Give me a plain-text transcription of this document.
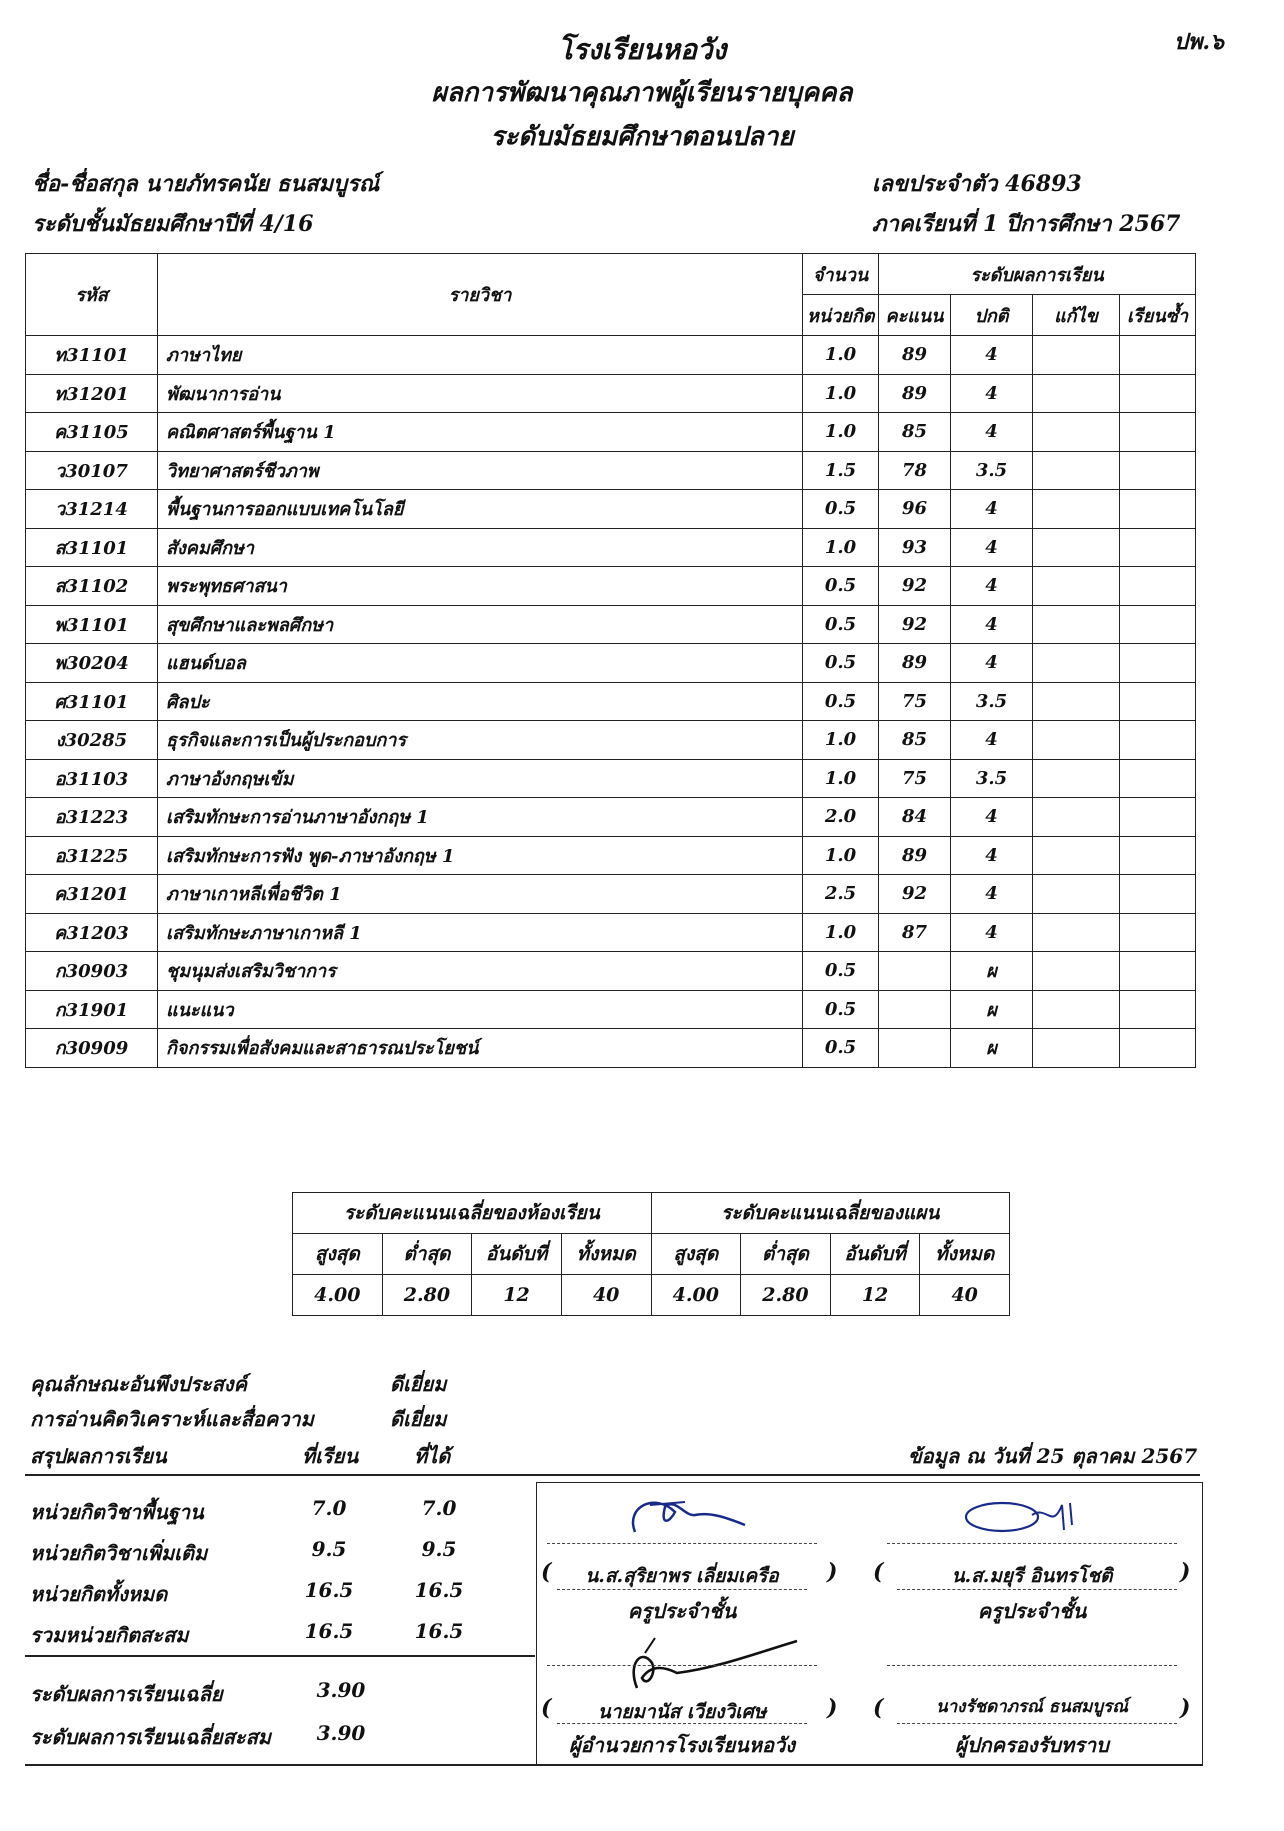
ปพ.๖
โรงเรียนหอวัง
ผลการพัฒนาคุณภาพผู้เรียนรายบุคคล
ระดับมัธยมศึกษาตอนปลาย
ชื่อ-ชื่อสกุล นายภัทรคนัย ธนสมบูรณ์	เลขประจำตัว 46893
ระดับชั้นมัธยมศึกษาปีที่ 4/16	ภาคเรียนที่ 1 ปีการศึกษา 2567
รหัส	รายวิชา	จำนวน	ระดับผลการเรียน			
		หน่วยกิต	คะแนน	ปกติ	แก้ไข	เรียนซ้ำ
ท31101	ภาษาไทย	1.0	89	4		
ท31201	พัฒนาการอ่าน	1.0	89	4		
ค31105	คณิตศาสตร์พื้นฐาน 1	1.0	85	4		
ว30107	วิทยาศาสตร์ชีวภาพ	1.5	78	3.5		
ว31214	พื้นฐานการออกแบบเทคโนโลยี	0.5	96	4		
ส31101	สังคมศึกษา	1.0	93	4		
ส31102	พระพุทธศาสนา	0.5	92	4		
พ31101	สุขศึกษาและพลศึกษา	0.5	92	4		
พ30204	แฮนด์บอล	0.5	89	4		
ศ31101	ศิลปะ	0.5	75	3.5		
ง30285	ธุรกิจและการเป็นผู้ประกอบการ	1.0	85	4		
อ31103	ภาษาอังกฤษเข้ม	1.0	75	3.5		
อ31223	เสริมทักษะการอ่านภาษาอังกฤษ 1	2.0	84	4		
อ31225	เสริมทักษะการฟัง พูด-ภาษาอังกฤษ 1	1.0	89	4		
ค31201	ภาษาเกาหลีเพื่อชีวิต 1	2.5	92	4		
ค31203	เสริมทักษะภาษาเกาหลี 1	1.0	87	4		
ก30903	ชุมนุมส่งเสริมวิชาการ	0.5		ผ		
ก31901	แนะแนว	0.5		ผ		
ก30909	กิจกรรมเพื่อสังคมและสาธารณประโยชน์	0.5		ผ		
ระดับคะแนนเฉลี่ยของห้องเรียน				ระดับคะแนนเฉลี่ยของแผน			
สูงสุด	ต่ำสุด	อันดับที่	ทั้งหมด	สูงสุด	ต่ำสุด	อันดับที่	ทั้งหมด
4.00	2.80	12	40	4.00	2.80	12	40
คุณลักษณะอันพึงประสงค์	ดีเยี่ยม
การอ่านคิดวิเคราะห์และสื่อความ	ดีเยี่ยม
สรุปผลการเรียน	ที่เรียน	ที่ได้	ข้อมูล ณ วันที่ 25 ตุลาคม 2567
หน่วยกิตวิชาพื้นฐาน	7.0	7.0
หน่วยกิตวิชาเพิ่มเติม	9.5	9.5
หน่วยกิตทั้งหมด	16.5	16.5
รวมหน่วยกิตสะสม	16.5	16.5
ระดับผลการเรียนเฉลี่ย	3.90
ระดับผลการเรียนเฉลี่ยสะสม	3.90
(	น.ส.สุริยาพร เลี่ยมเครือ	)
ครูประจำชั้น
(	น.ส.มยุรี อินทรโชติ	)
ครูประจำชั้น
(	นายมานัส เวียงวิเศษ	)
ผู้อำนวยการโรงเรียนหอวัง
(	นางรัชดาภรณ์ ธนสมบูรณ์	)
ผู้ปกครองรับทราบ
